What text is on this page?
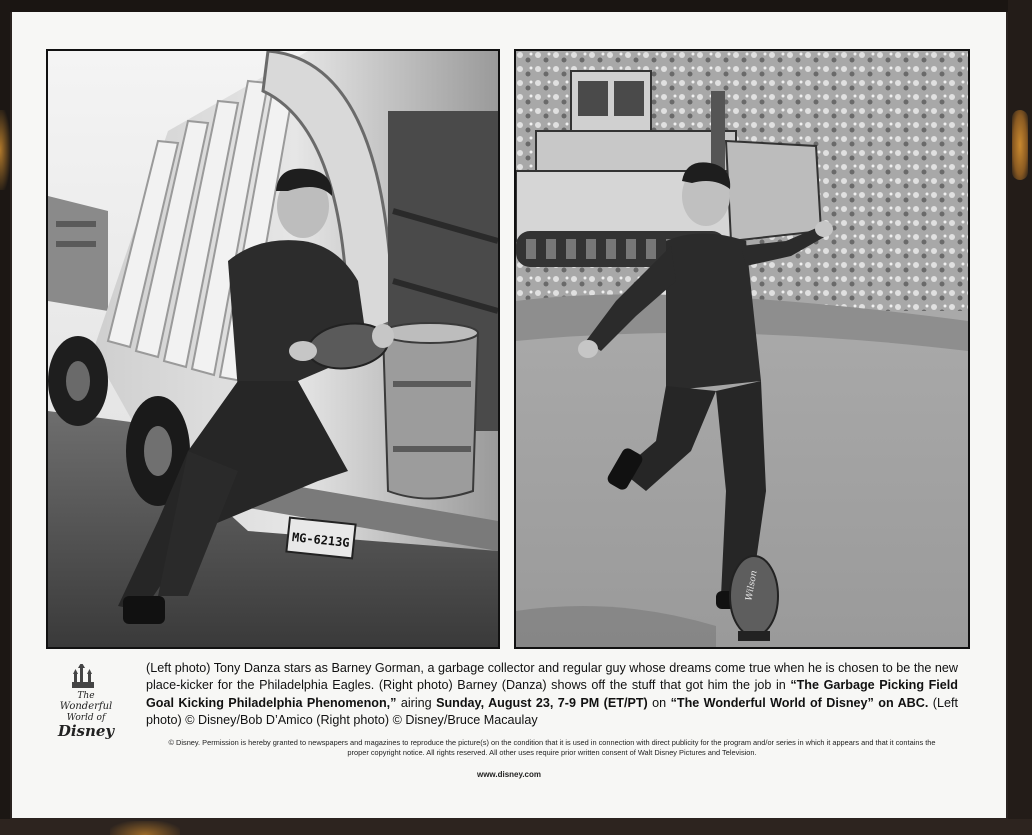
MG-6213G
Wilson
The
Wonderful
World of
Disney

(Left photo) Tony Danza stars as Barney Gorman, a garbage collector and regular guy whose dreams come true when he is chosen to be the new place-kicker for the Philadelphia Eagles. (Right photo) Barney (Danza) shows off the stuff that got him the job in “The Garbage Picking Field Goal Kicking Philadelphia Phenomenon,” airing Sunday, August 23, 7-9 PM (ET/PT) on “The Wonderful World of Disney” on ABC. (Left photo) © Disney/Bob D’Amico (Right photo) © Disney/Bruce Macaulay

© Disney. Permission is hereby granted to newspapers and magazines to reproduce the picture(s) on the condition that it is used in connection with direct publicity for the program and/or series in which it appears and that it contains the proper copyright notice. All rights reserved. All other uses require prior written consent of Walt Disney Pictures and Television.

www.disney.com
